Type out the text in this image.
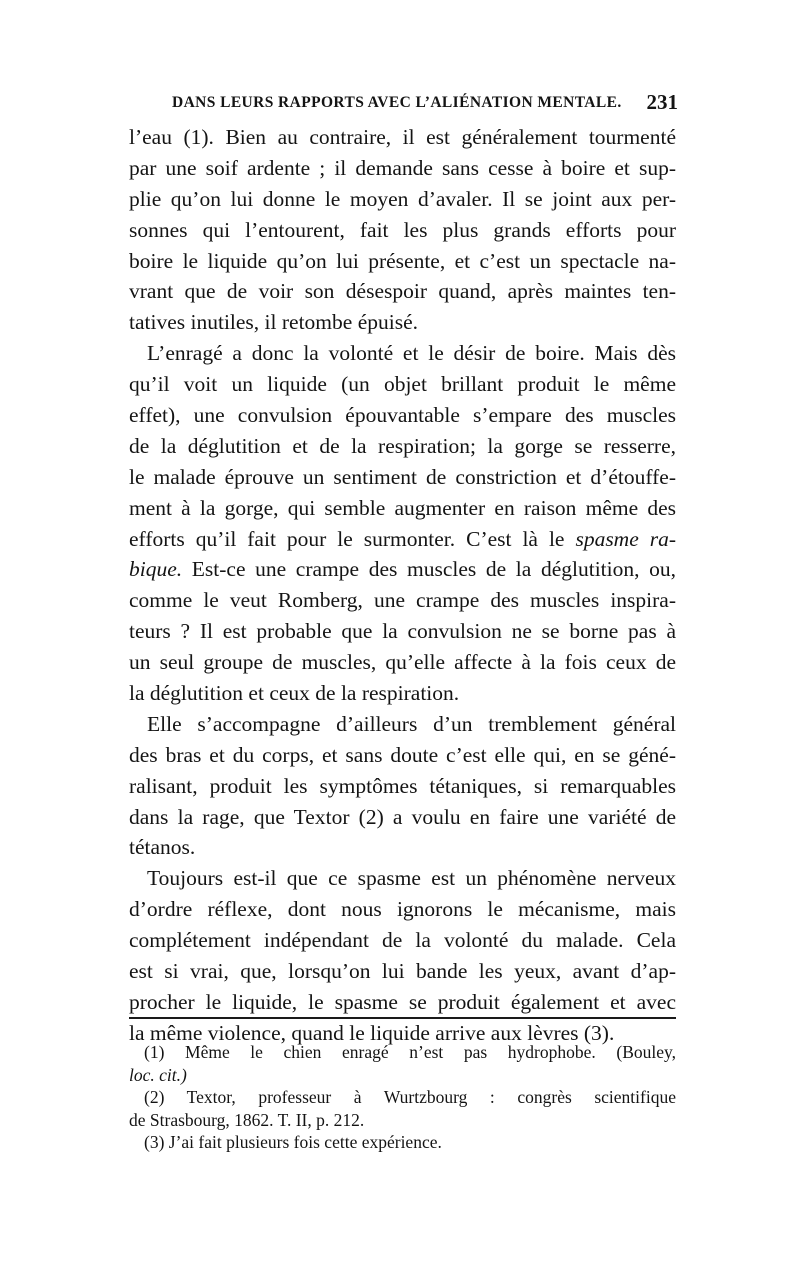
DANS LEURS RAPPORTS AVEC L’ALIÉNATION MENTALE. 231
l’eau (1). Bien au contraire, il est généralement tourmenté
par une soif ardente ; il demande sans cesse à boire et sup-
plie qu’on lui donne le moyen d’avaler. Il se joint aux per-
sonnes qui l’entourent, fait les plus grands efforts pour
boire le liquide qu’on lui présente, et c’est un spectacle na-
vrant que de voir son désespoir quand, après maintes ten-
tatives inutiles, il retombe épuisé.
L’enragé a donc la volonté et le désir de boire. Mais dès
qu’il voit un liquide (un objet brillant produit le même
effet), une convulsion épouvantable s’empare des muscles
de la déglutition et de la respiration; la gorge se resserre,
le malade éprouve un sentiment de constriction et d’étouffe-
ment à la gorge, qui semble augmenter en raison même des
efforts qu’il fait pour le surmonter. C’est là le spasme ra-
bique. Est-ce une crampe des muscles de la déglutition, ou,
comme le veut Romberg, une crampe des muscles inspira-
teurs ? Il est probable que la convulsion ne se borne pas à
un seul groupe de muscles, qu’elle affecte à la fois ceux de
la déglutition et ceux de la respiration.
Elle s’accompagne d’ailleurs d’un tremblement général
des bras et du corps, et sans doute c’est elle qui, en se géné-
ralisant, produit les symptômes tétaniques, si remarquables
dans la rage, que Textor (2) a voulu en faire une variété de
tétanos.
Toujours est-il que ce spasme est un phénomène nerveux
d’ordre réflexe, dont nous ignorons le mécanisme, mais
complétement indépendant de la volonté du malade. Cela
est si vrai, que, lorsqu’on lui bande les yeux, avant d’ap-
procher le liquide, le spasme se produit également et avec
la même violence, quand le liquide arrive aux lèvres (3).
(1) Même le chien enragé n’est pas hydrophobe. (Bouley,
loc. cit.)
(2) Textor, professeur à Wurtzbourg : congrès scientifique
de Strasbourg, 1862. T. II, p. 212.
(3) J’ai fait plusieurs fois cette expérience.
